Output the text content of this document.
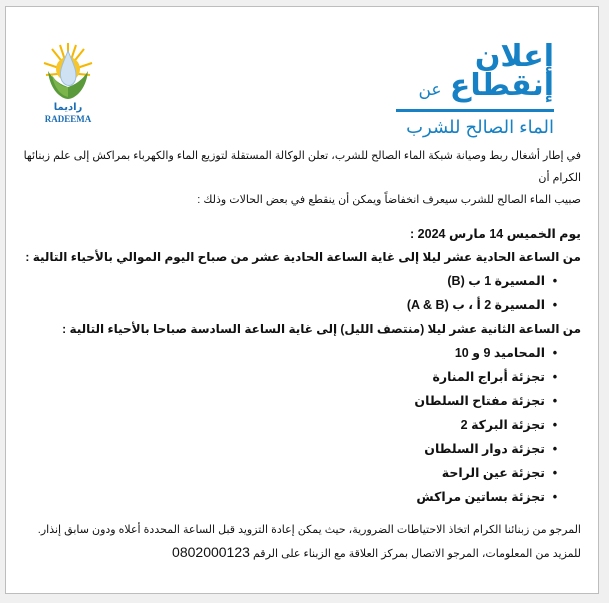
راديما
RADEEMA
إعلان
إنقطاع عن
الماء الصالح للشرب

في إطار أشغال ربط وصيانة شبكة الماء الصالح للشرب، تعلن الوكالة المستقلة لتوزيع الماء والكهرباء بمراكش إلى علم زبنائها الكرام أن

صبيب الماء الصالح للشرب سيعرف انخفاضاً ويمكن أن ينقطع في بعض الحالات وذلك :

يوم الخميس 14 مارس 2024 :
من الساعة الحادية عشر ليلا إلى غاية الساعة الحادية عشر من صباح اليوم الموالي بالأحياء التالية :
•المسيرة 1 ب (B)
•المسيرة 2 أ ، ب (A & B)
من الساعة الثانية عشر ليلا (منتصف الليل) إلى غاية الساعة السادسة صباحا بالأحياء التالية :
•المحاميد 9 و 10
•تجزئة أبراج المنارة
•تجزئة مفتاح السلطان
•تجزئة البركة 2
•تجزئة دوار السلطان
•تجزئة عين الراحة
•تجزئة بساتين مراكش
المرجو من زبنائنا الكرام اتخاذ الاحتياطات الضرورية، حيث يمكن إعادة التزويد قبل الساعة المحددة أعلاه ودون سابق إنذار.
للمزيد من المعلومات، المرجو الاتصال بمركز العلاقة مع الزبناء على الرقم 0802000123
